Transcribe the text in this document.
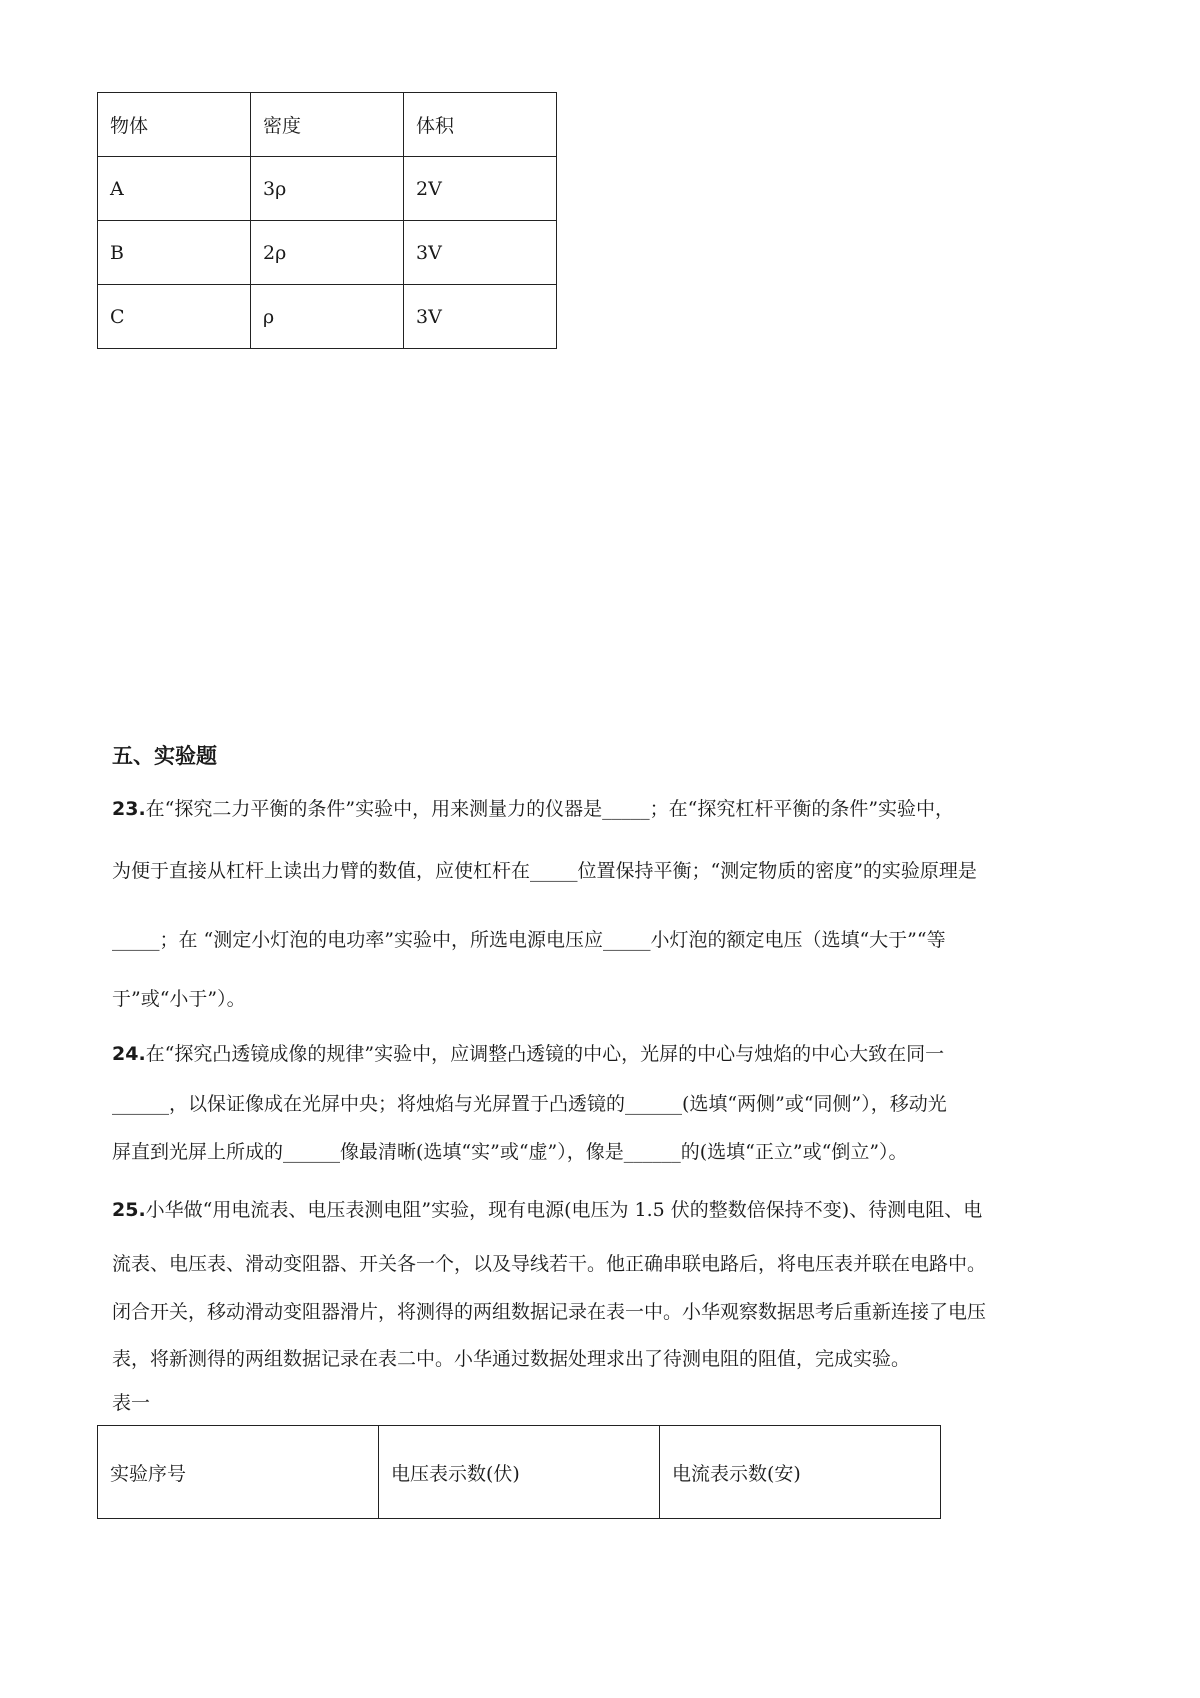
物体	密度	体积
A	3ρ	2V
B	2ρ	3V
C	ρ	3V
五、实验题
23.在“探究二力平衡的条件”实验中，用来测量力的仪器是_____；在“探究杠杆平衡的条件”实验中，
为便于直接从杠杆上读出力臂的数值，应使杠杆在_____位置保持平衡；“测定物质的密度”的实验原理是
_____；在 “测定小灯泡的电功率”实验中，所选电源电压应_____小灯泡的额定电压（选填“大于”“等
于”或“小于”）。
24.在“探究凸透镜成像的规律”实验中，应调整凸透镜的中心，光屏的中心与烛焰的中心大致在同一
______，以保证像成在光屏中央；将烛焰与光屏置于凸透镜的______(选填“两侧”或“同侧”），移动光
屏直到光屏上所成的______像最清晰(选填“实”或“虚”），像是______的(选填“正立”或“倒立”）。
25.小华做“用电流表、电压表测电阻”实验，现有电源(电压为 1.5 伏的整数倍保持不变)、待测电阻、电
流表、电压表、滑动变阻器、开关各一个，以及导线若干。他正确串联电路后，将电压表并联在电路中。
闭合开关，移动滑动变阻器滑片，将测得的两组数据记录在表一中。小华观察数据思考后重新连接了电压
表，将新测得的两组数据记录在表二中。小华通过数据处理求出了待测电阻的阻值，完成实验。
表一
实验序号	电压表示数(伏)	电流表示数(安)
